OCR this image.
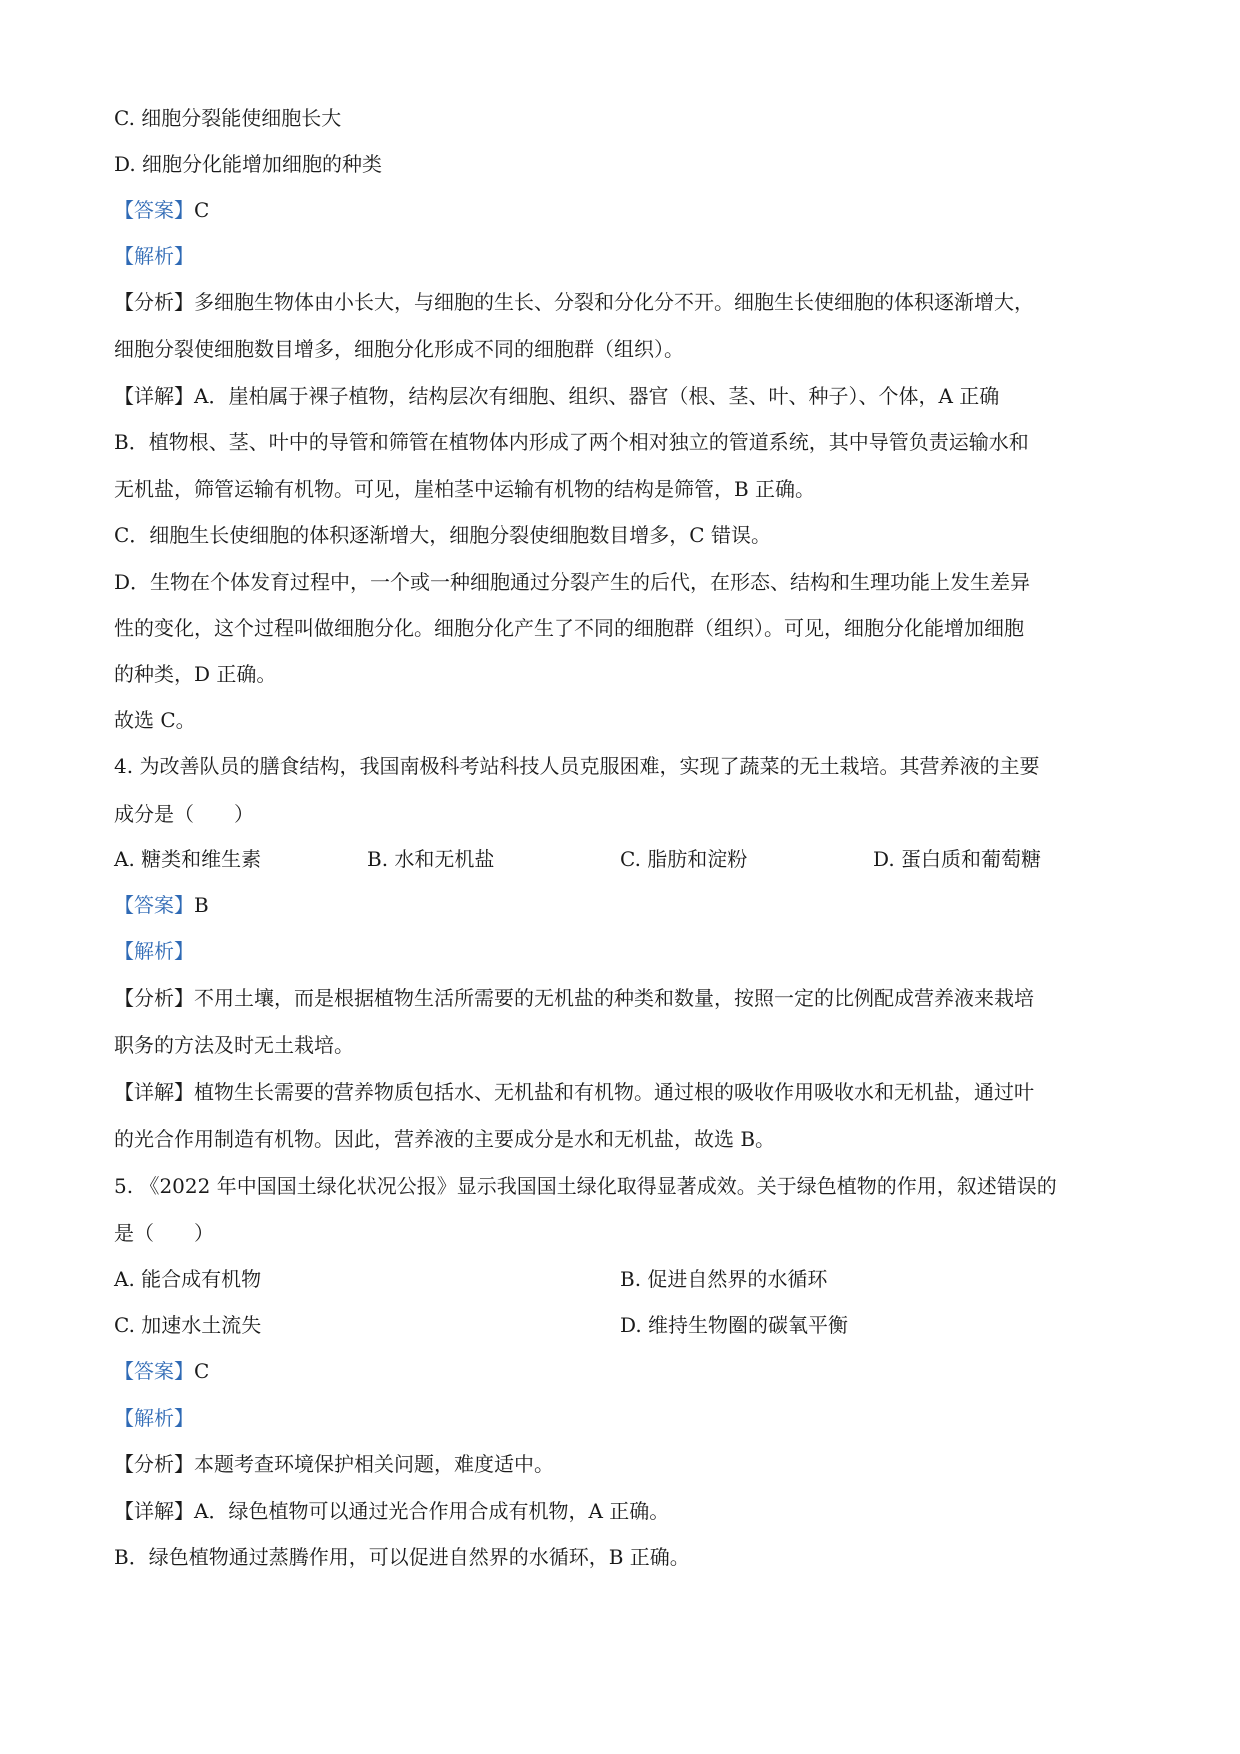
C. 细胞分裂能使细胞长大
D. 细胞分化能增加细胞的种类
【答案】C
【解析】
【分析】多细胞生物体由小长大，与细胞的生长、分裂和分化分不开。细胞生长使细胞的体积逐渐增大，
细胞分裂使细胞数目增多，细胞分化形成不同的细胞群（组织）。
【详解】A．崖柏属于裸子植物，结构层次有细胞、组织、器官（根、茎、叶、种子）、个体，A 正确
B．植物根、茎、叶中的导管和筛管在植物体内形成了两个相对独立的管道系统，其中导管负责运输水和
无机盐，筛管运输有机物。可见，崖柏茎中运输有机物的结构是筛管，B 正确。
C．细胞生长使细胞的体积逐渐增大，细胞分裂使细胞数目增多，C 错误。
D．生物在个体发育过程中，一个或一种细胞通过分裂产生的后代，在形态、结构和生理功能上发生差异
性的变化，这个过程叫做细胞分化。细胞分化产生了不同的细胞群（组织）。可见，细胞分化能增加细胞
的种类，D 正确。
故选 C。
4. 为改善队员的膳食结构，我国南极科考站科技人员克服困难，实现了蔬菜的无土栽培。其营养液的主要
成分是（　　）
A. 糖类和维生素	B. 水和无机盐	C. 脂肪和淀粉	D. 蛋白质和葡萄糖
【答案】B
【解析】
【分析】不用土壤，而是根据植物生活所需要的无机盐的种类和数量，按照一定的比例配成营养液来栽培
职务的方法及时无土栽培。
【详解】植物生长需要的营养物质包括水、无机盐和有机物。通过根的吸收作用吸收水和无机盐，通过叶
的光合作用制造有机物。因此，营养液的主要成分是水和无机盐，故选 B。
5. 《2022 年中国国土绿化状况公报》显示我国国土绿化取得显著成效。关于绿色植物的作用，叙述错误的
是（　　）
A. 能合成有机物	B. 促进自然界的水循环
C. 加速水土流失	D. 维持生物圈的碳氧平衡
【答案】C
【解析】
【分析】本题考查环境保护相关问题，难度适中。
【详解】A．绿色植物可以通过光合作用合成有机物，A 正确。
B．绿色植物通过蒸腾作用，可以促进自然界的水循环，B 正确。
